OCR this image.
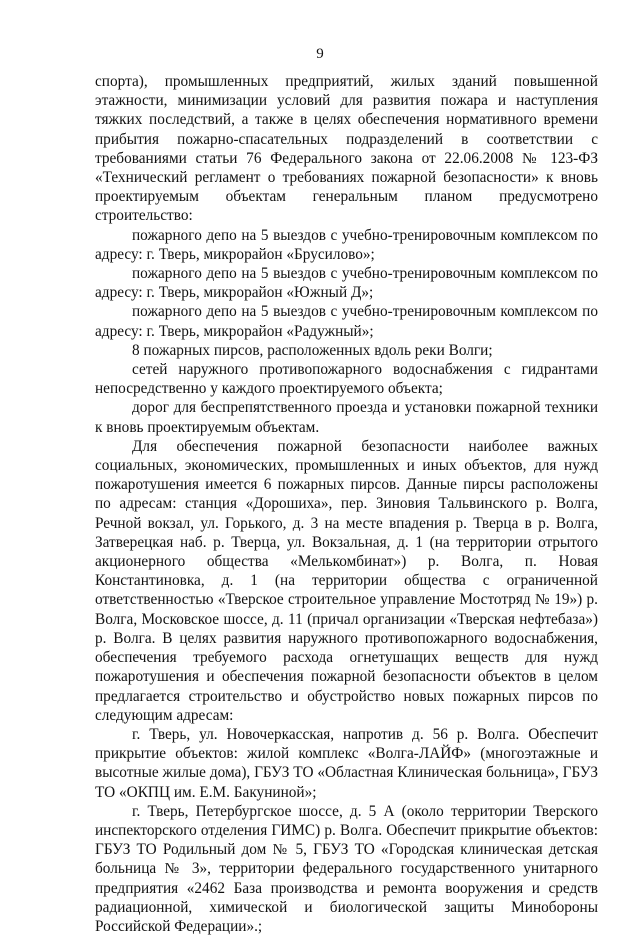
9

спорта), промышленных предприятий, жилых зданий повышенной этажности, минимизации условий для развития пожара и наступления тяжких последствий, а также в целях обеспечения нормативного времени прибытия пожарно-спасательных подразделений в соответствии с требованиями статьи 76 Федерального закона от 22.06.2008 № 123-ФЗ «Технический регламент о требованиях пожарной безопасности» к вновь проектируемым объектам генеральным планом предусмотрено строительство:

пожарного депо на 5 выездов с учебно-тренировочным комплексом по адресу: г. Тверь, микрорайон «Брусилово»;

пожарного депо на 5 выездов с учебно-тренировочным комплексом по адресу: г. Тверь, микрорайон «Южный Д»;

пожарного депо на 5 выездов с учебно-тренировочным комплексом по адресу: г. Тверь, микрорайон «Радужный»;

8 пожарных пирсов, расположенных вдоль реки Волги;

сетей наружного противопожарного водоснабжения с гидрантами непосредственно у каждого проектируемого объекта;

дорог для беспрепятственного проезда и установки пожарной техники к вновь проектируемым объектам.

Для обеспечения пожарной безопасности наиболее важных социальных, экономических, промышленных и иных объектов, для нужд пожаротушения имеется 6 пожарных пирсов. Данные пирсы расположены по адресам: станция «Дорошиха», пер. Зиновия Тальвинского р. Волга, Речной вокзал, ул. Горького, д. 3 на месте впадения р. Тверца в р. Волга, Затверецкая наб. р. Тверца, ул. Вокзальная, д. 1 (на территории отрытого акционерного общества «Мелькомбинат») р. Волга, п. Новая Константиновка, д. 1 (на территории общества с ограниченной ответственностью «Тверское строительное управление Мостотряд № 19») р. Волга, Московское шоссе, д. 11 (причал организации «Тверская нефтебаза») р. Волга. В целях развития наружного противопожарного водоснабжения, обеспечения требуемого расхода огнетушащих веществ для нужд пожаротушения и обеспечения пожарной безопасности объектов в целом предлагается строительство и обустройство новых пожарных пирсов по следующим адресам:

г. Тверь, ул. Новочеркасская, напротив д. 56 р. Волга. Обеспечит прикрытие объектов: жилой комплекс «Волга-ЛАЙФ» (многоэтажные и высотные жилые дома), ГБУЗ ТО «Областная Клиническая больница», ГБУЗ ТО «ОКПЦ им. Е.М. Бакуниной»;

г. Тверь, Петербургское шоссе, д. 5 А (около территории Тверского инспекторского отделения ГИМС) р. Волга. Обеспечит прикрытие объектов: ГБУЗ ТО Родильный дом № 5, ГБУЗ ТО «Городская клиническая детская больница № 3», территории федерального государственного унитарного предприятия «2462 База производства и ремонта вооружения и средств радиационной, химической и биологической защиты Минобороны Российской Федерации».;
